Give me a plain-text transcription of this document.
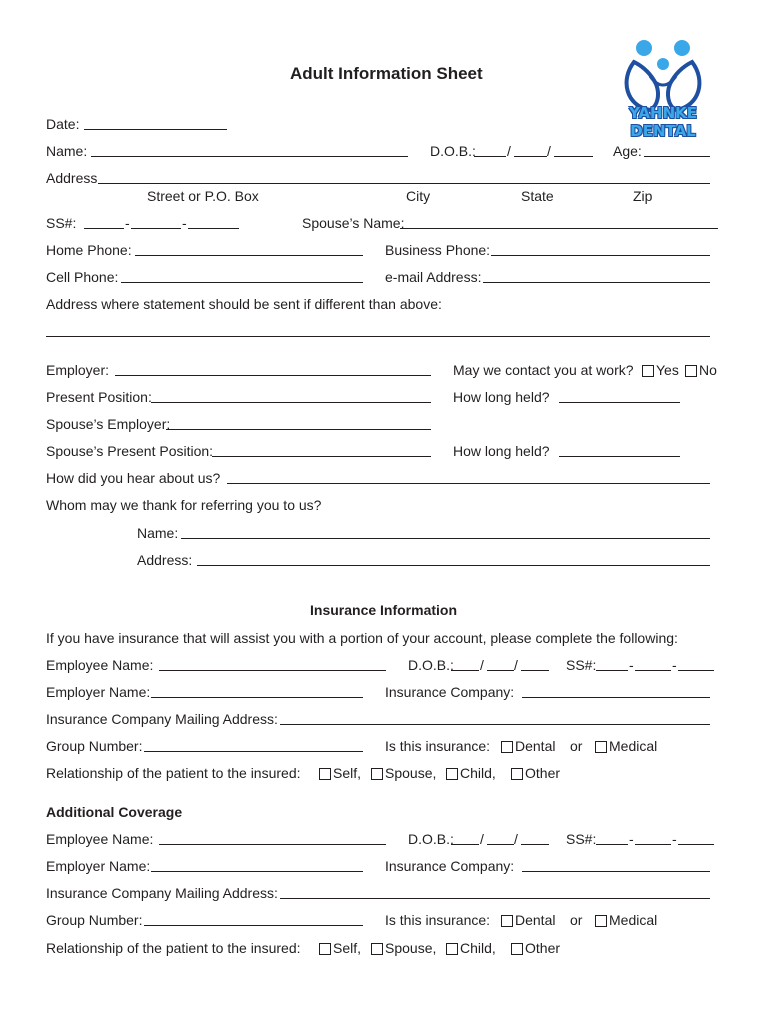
YAHNKE DENTAL
Adult Information Sheet
Date:
Name:	D.O.B.: /	/	Age:
Address
Street or P.O. Box	City	State	Zip
SS#:	-	-	Spouse’s Name:
Home Phone:	Business Phone:
Cell Phone:	e-mail Address:
Address where statement should be sent if different than above:
Employer:	May we contact you at work? Yes No
Present Position:	How long held?
Spouse’s Employer:
Spouse’s Present Position:	How long held?
How did you hear about us?
Whom may we thank for referring you to us?
Name:
Address:
Insurance Information
If you have insurance that will assist you with a portion of your account, please complete the following:
Employee Name:	D.O.B.: / /	SS#: -	-
Employer Name:	Insurance Company:
Insurance Company Mailing Address:
Group Number:	Is this insurance: Dental or Medical
Relationship of the patient to the insured: Self, Spouse, Child, Other
Additional Coverage
Employee Name:	D.O.B.: / /	SS#: -	-
Employer Name:	Insurance Company:
Insurance Company Mailing Address:
Group Number:	Is this insurance: Dental or Medical
Relationship of the patient to the insured: Self, Spouse, Child, Other
